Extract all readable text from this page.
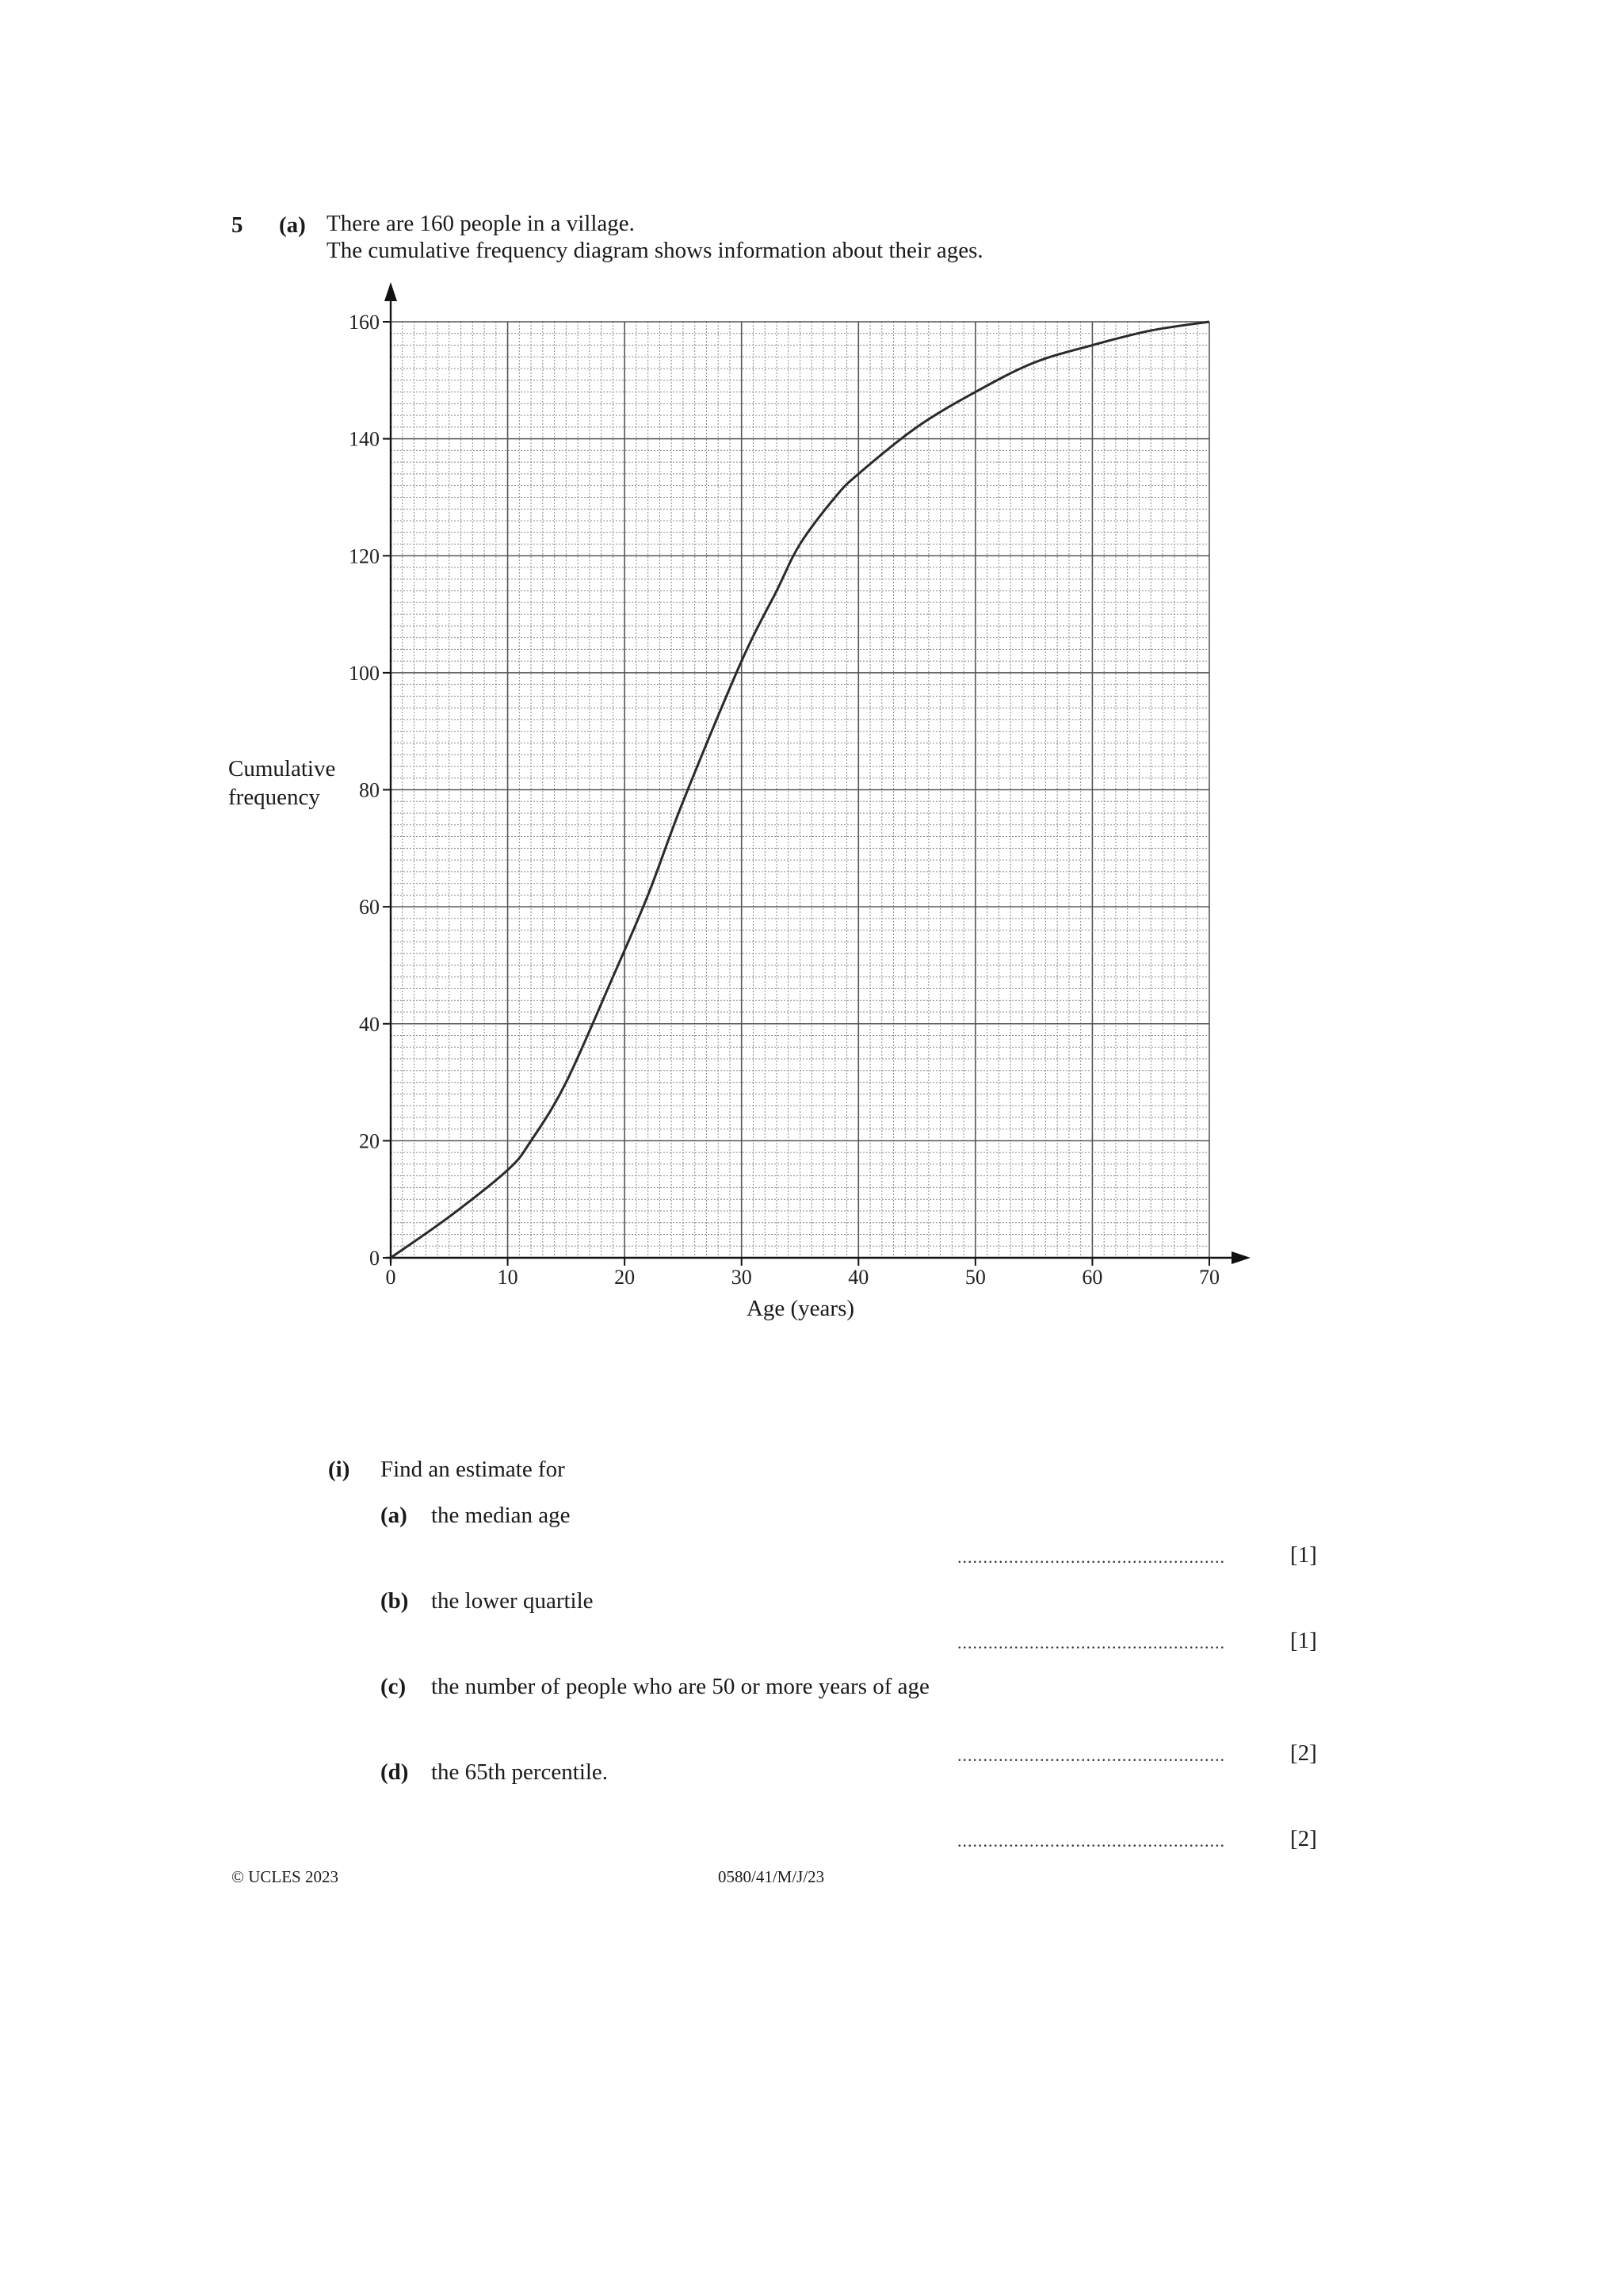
5 (a) There are 160 people in a village.
The cumulative frequency diagram shows information about their ages.
Cumulative
frequency
0
20
40
60
80
100
120
140
160
0	10	20	30	40	50	60	70
Age (years)
(i) Find an estimate for
(a) the median age
....................................................	[1]
(b) the lower quartile
....................................................	[1]
(c) the number of people who are 50 or more years of age
....................................................	[2]
(d) the 65th percentile.
....................................................	[2]
© UCLES 2023	0580/41/M/J/23
